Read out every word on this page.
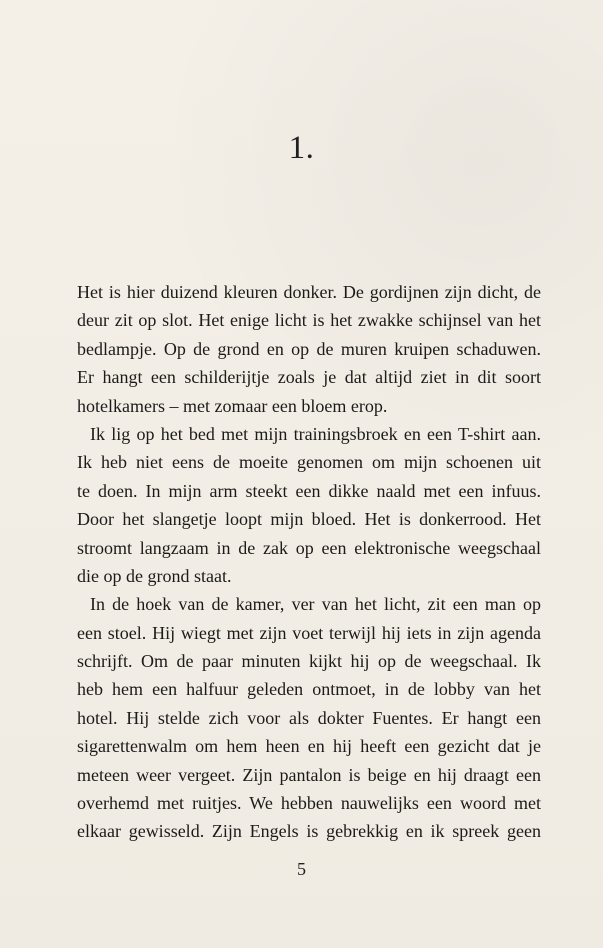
1.

Het is hier duizend kleuren donker. De gordijnen zijn dicht, de
deur zit op slot. Het enige licht is het zwakke schijnsel van het
bedlampje. Op de grond en op de muren kruipen schaduwen.
Er hangt een schilderijtje zoals je dat altijd ziet in dit soort
hotelkamers – met zomaar een bloem erop.

Ik lig op het bed met mijn trainingsbroek en een T-shirt aan.
Ik heb niet eens de moeite genomen om mijn schoenen uit
te doen. In mijn arm steekt een dikke naald met een infuus.
Door het slangetje loopt mijn bloed. Het is donkerrood. Het
stroomt langzaam in de zak op een elektronische weegschaal
die op de grond staat.

In de hoek van de kamer, ver van het licht, zit een man op
een stoel. Hij wiegt met zijn voet terwijl hij iets in zijn agenda
schrijft. Om de paar minuten kijkt hij op de weegschaal. Ik
heb hem een halfuur geleden ontmoet, in de lobby van het
hotel. Hij stelde zich voor als dokter Fuentes. Er hangt een
sigarettenwalm om hem heen en hij heeft een gezicht dat je
meteen weer vergeet. Zijn pantalon is beige en hij draagt een
overhemd met ruitjes. We hebben nauwelijks een woord met
elkaar gewisseld. Zijn Engels is gebrekkig en ik spreek geen

5
